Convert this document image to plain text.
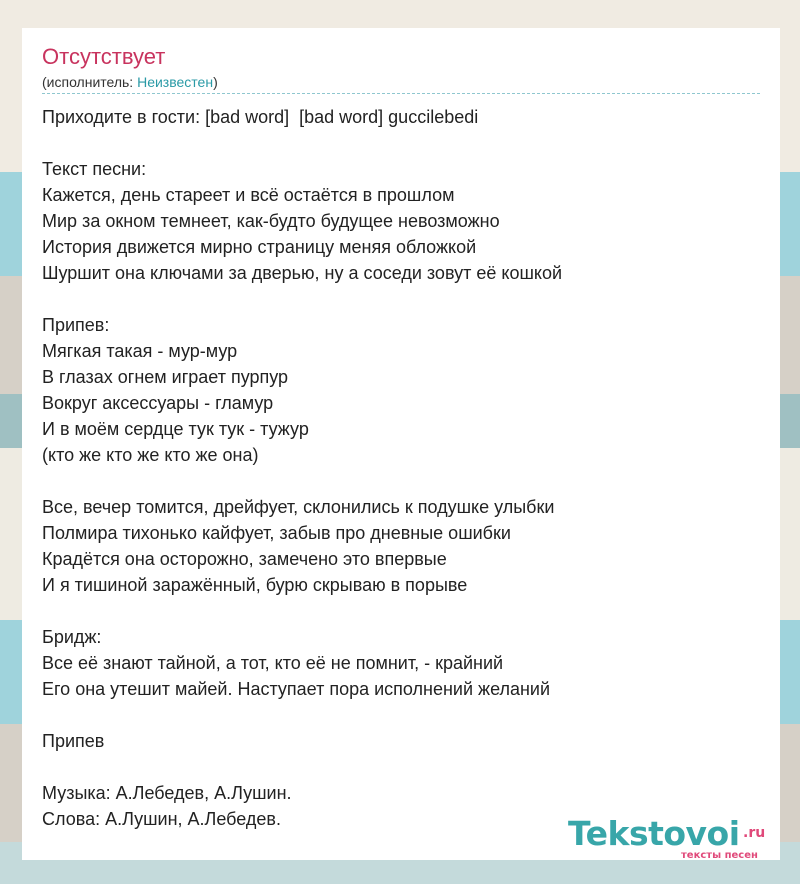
Отсутствует
(исполнитель: Неизвестен)
Приходите в гости: [bad word]  [bad word] guccilebedi
Текст песни:
Кажется, день стареет и всё остаётся в прошлом
Мир за окном темнеет, как-будто будущее невозможно
История движется мирно страницу меняя обложкой
Шуршит она ключами за дверью, ну а соседи зовут её кошкой
Припев:
Мягкая такая - мур-мур
В глазах огнем играет пурпур
Вокруг аксессуары - гламур
И в моём сердце тук тук - тужур
(кто же кто же кто же она)
Все, вечер томится, дрейфует, склонились к подушке улыбки
Полмира тихонько кайфует, забыв про дневные ошибки
Крадётся она осторожно, замечено это впервые
И я тишиной заражённый, бурю скрываю в порыве
Бридж:
Все её знают тайной, а тот, кто её не помнит, - крайний
Его она утешит майей. Наступает пора исполнений желаний
Припев
Музыка: А.Лебедев, А.Лушин.
Слова: А.Лушин, А.Лебедев.	Tekstovoi .ru
тексты песен
